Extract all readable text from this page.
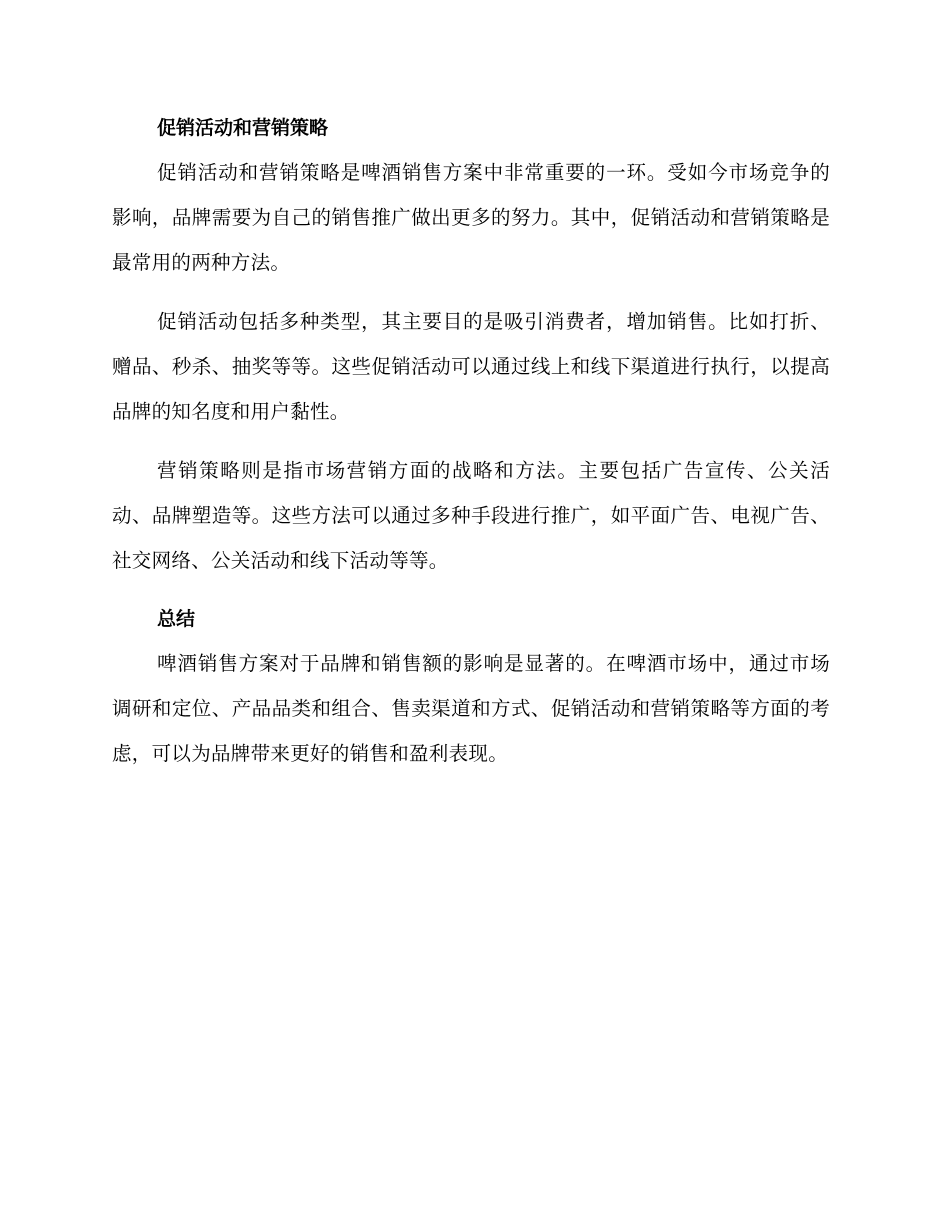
促销活动和营销策略

促销活动和营销策略是啤酒销售方案中非常重要的一环。受如今市场竞争的影响，品牌需要为自己的销售推广做出更多的努力。其中，促销活动和营销策略是最常用的两种方法。

促销活动包括多种类型，其主要目的是吸引消费者，增加销售。比如打折、赠品、秒杀、抽奖等等。这些促销活动可以通过线上和线下渠道进行执行，以提高品牌的知名度和用户黏性。

营销策略则是指市场营销方面的战略和方法。主要包括广告宣传、公关活动、品牌塑造等。这些方法可以通过多种手段进行推广，如平面广告、电视广告、社交网络、公关活动和线下活动等等。

总结

啤酒销售方案对于品牌和销售额的影响是显著的。在啤酒市场中，通过市场调研和定位、产品品类和组合、售卖渠道和方式、促销活动和营销策略等方面的考虑，可以为品牌带来更好的销售和盈利表现。
